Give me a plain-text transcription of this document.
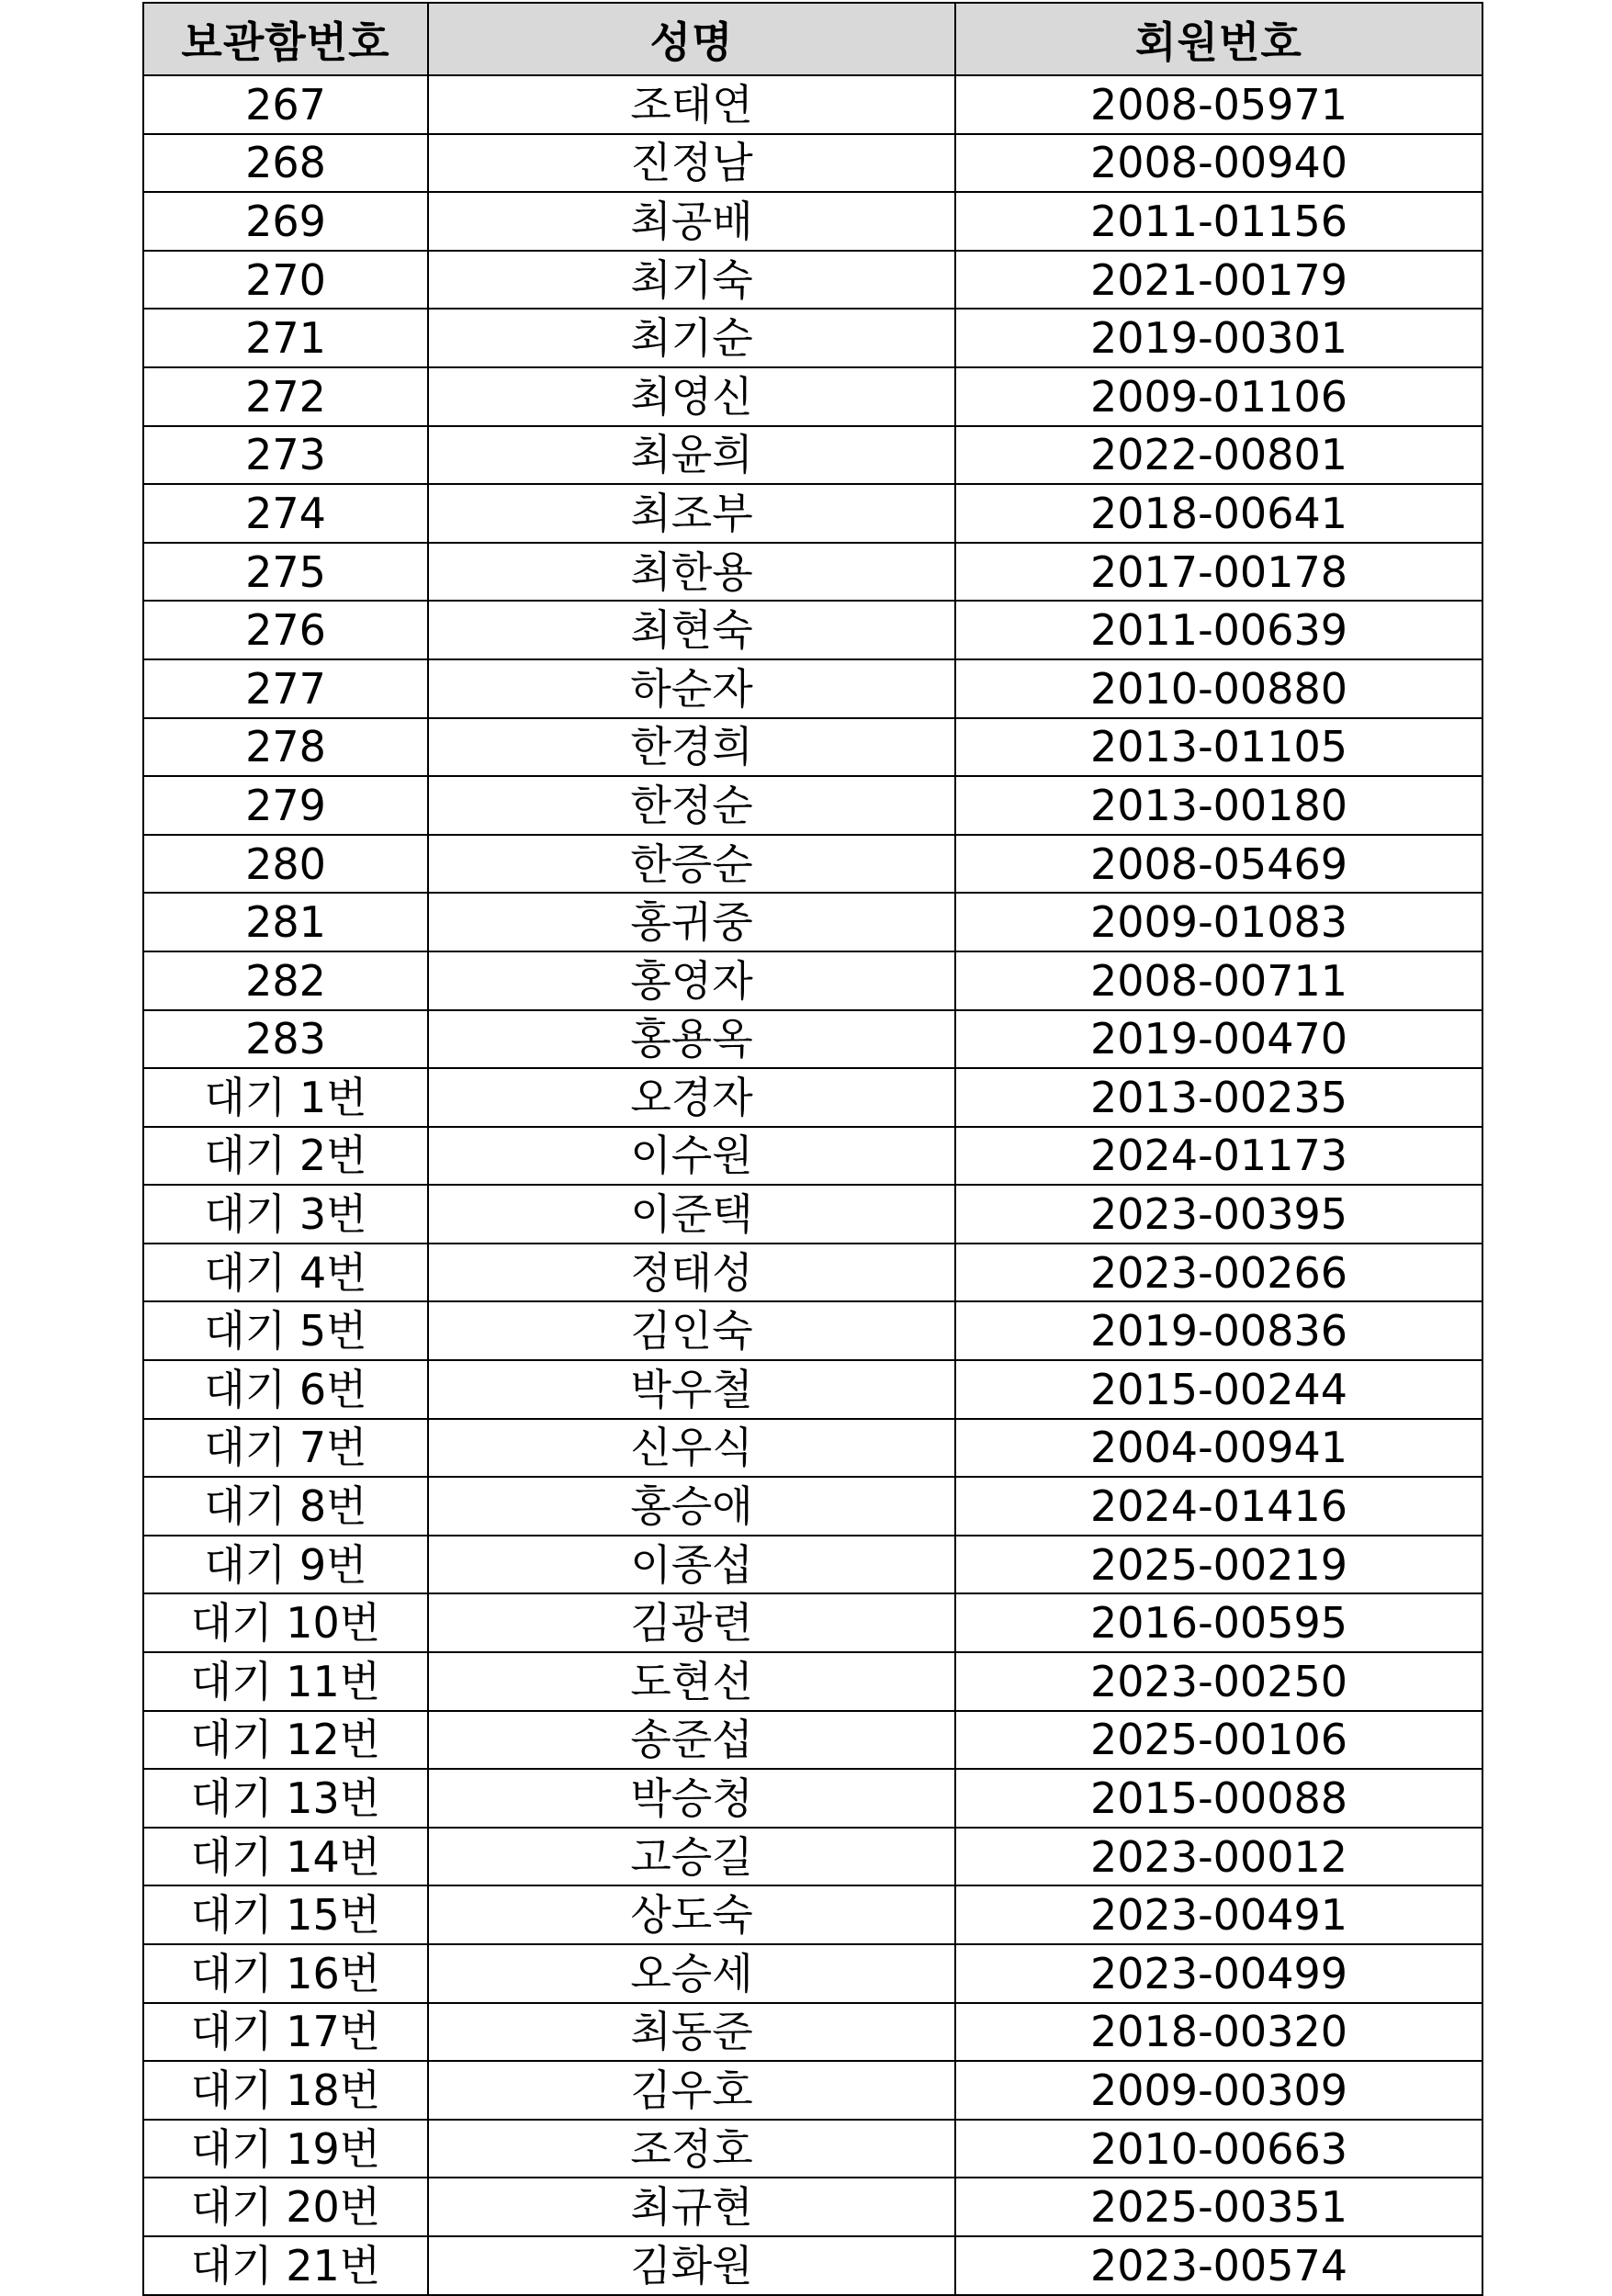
보관함번호	성명	회원번호
267	조태연	2008-05971
268	진정남	2008-00940
269	최공배	2011-01156
270	최기숙	2021-00179
271	최기순	2019-00301
272	최영신	2009-01106
273	최윤희	2022-00801
274	최조부	2018-00641
275	최한용	2017-00178
276	최현숙	2011-00639
277	하순자	2010-00880
278	한경희	2013-01105
279	한정순	2013-00180
280	한증순	2008-05469
281	홍귀중	2009-01083
282	홍영자	2008-00711
283	홍용옥	2019-00470
대기 1번	오경자	2013-00235
대기 2번	이수원	2024-01173
대기 3번	이준택	2023-00395
대기 4번	정태성	2023-00266
대기 5번	김인숙	2019-00836
대기 6번	박우철	2015-00244
대기 7번	신우식	2004-00941
대기 8번	홍승애	2024-01416
대기 9번	이종섭	2025-00219
대기 10번	김광련	2016-00595
대기 11번	도현선	2023-00250
대기 12번	송준섭	2025-00106
대기 13번	박승청	2015-00088
대기 14번	고승길	2023-00012
대기 15번	상도숙	2023-00491
대기 16번	오승세	2023-00499
대기 17번	최동준	2018-00320
대기 18번	김우호	2009-00309
대기 19번	조정호	2010-00663
대기 20번	최규현	2025-00351
대기 21번	김화원	2023-00574
